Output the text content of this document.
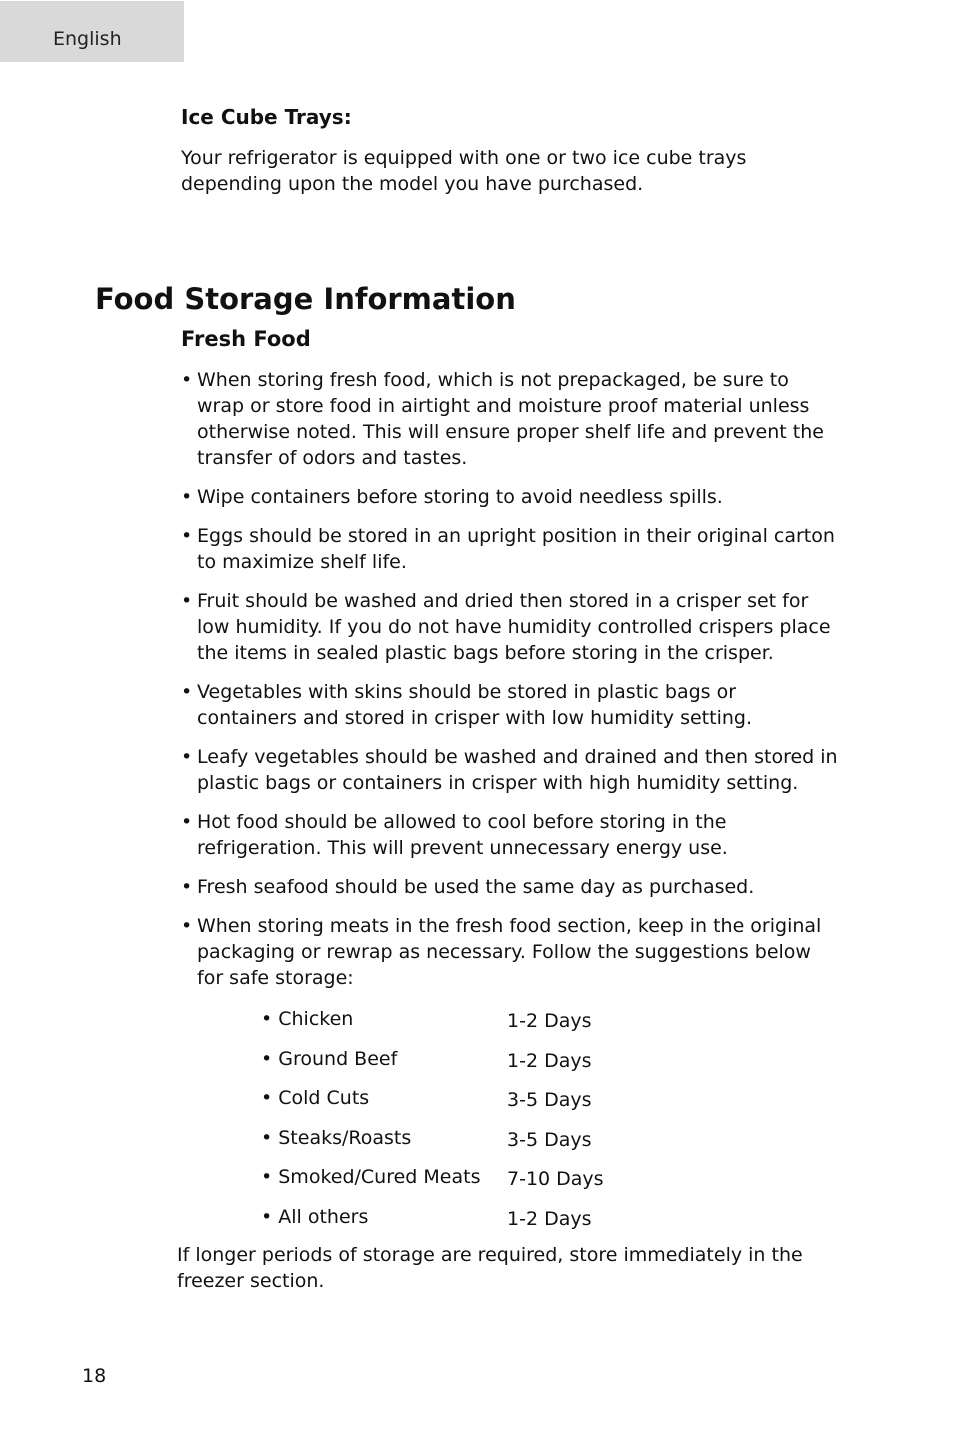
English
Ice Cube Trays:

Your refrigerator is equipped with one or two ice cube trays depending upon the model you have purchased.

Food Storage Information
Fresh Food
• When storing fresh food, which is not prepackaged, be sure to wrap or store food in airtight and moisture proof material unless otherwise noted. This will ensure proper shelf life and prevent the transfer of odors and tastes.
• Wipe containers before storing to avoid needless spills.
• Eggs should be stored in an upright position in their original carton to maximize shelf life.
• Fruit should be washed and dried then stored in a crisper set for low humidity. If you do not have humidity controlled crispers place the items in sealed plastic bags before storing in the crisper.
• Vegetables with skins should be stored in plastic bags or containers and stored in crisper with low humidity setting.
• Leafy vegetables should be washed and drained and then stored in plastic bags or containers in crisper with high humidity setting.
• Hot food should be allowed to cool before storing in the refrigeration. This will prevent unnecessary energy use.
• Fresh seafood should be used the same day as purchased.
• When storing meats in the fresh food section, keep in the original packaging or rewrap as necessary. Follow the suggestions below for safe storage:
• Chicken	1-2 Days
• Ground Beef	1-2 Days
• Cold Cuts	3-5 Days
• Steaks/Roasts	3-5 Days
• Smoked/Cured Meats 7-10 Days
• All others	1-2 Days

If longer periods of storage are required, store immediately in the freezer section.

18
